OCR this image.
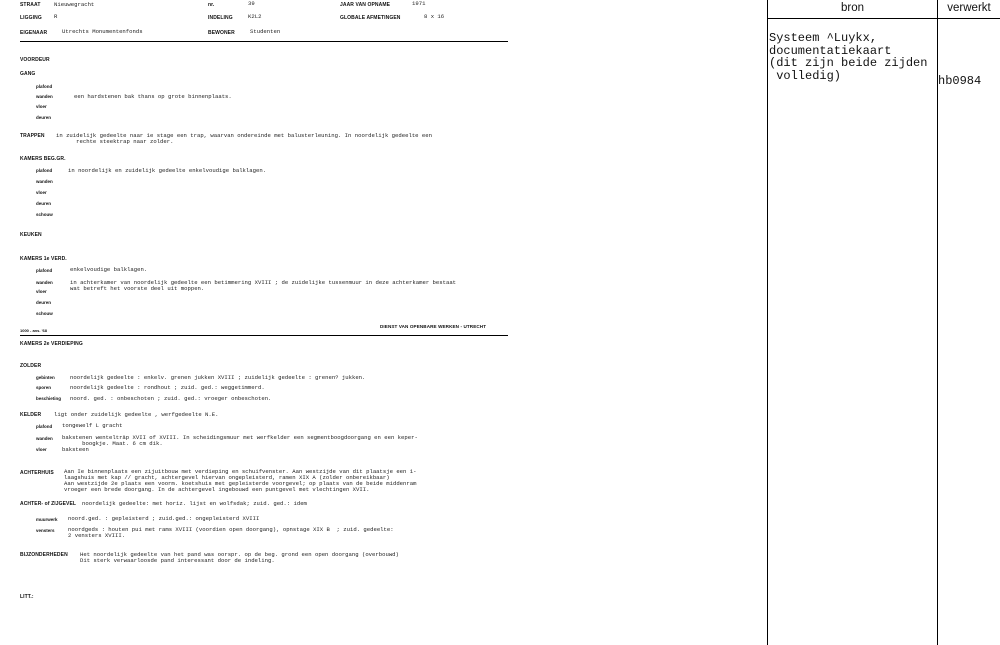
STRAAT Nieuwegracht	nr.	39	JAAR VAN OPNAME	1971
LIGGING R	INDELING	K2L2	GLOBALE AFMETINGEN	8 x 16
EIGENAAR	Utrechts Monumentenfonds	BEWONER	Studenten
VOORDEUR
GANG
plafond
wanden	een hardstenen bak thans op grote binnenplaats.
vloer
deuren
TRAPPEN in zuidelijk gedeelte naar 1e stage een trap, waarvan ondereinde met balusterleuning. In noordelijk gedeelte een
rechte steektrap naar zolder.
KAMERS BEG.GR.
plafond	in noordelijk en zuidelijk gedeelte enkelvoudige balklagen.
wanden
vloer
deuren
schouw
KEUKEN
KAMERS 1e VERD.
plafond	enkelvoudige balklagen.
wanden	in achterkamer van noordelijk gedeelte een betimmering XVIII ; de zuidelijke tussenmuur in deze achterkamer bestaat
wat betreft het voorste deel uit moppen.
vloer
deuren
schouw
1000 - ans. '68
DIENST VAN OPENBARE WERKEN - UTRECHT
KAMERS 2e VERDIEPING
ZOLDER
gebinten	noordelijk gedeelte : enkelv. grenen jukken XVIII ; zuidelijk gedeelte : grenen? jukken.
sporen	noordelijk gedeelte : rondhout ; zuid. ged.: weggetimmerd.
beschieting noord. ged. : onbeschoten ; zuid. ged.: vroeger onbeschoten.
KELDER ligt onder zuidelijk gedeelte , werfgedeelte N.E.
plafond tongewelf L gracht
wanden bakstenen wentelträp XVII of XVIII. In scheidingsmuur met werfkelder een segmentboogdoorgang en een keper-
boogkje. Maat. 6 cm dik.
vloer	baksteen
ACHTERHUIS Aan Ie binnenplaats een zijuitbouw met verdieping en schuifvenster. Aan westzijde van dit plaatsje een 1-
laagshuis met kap // gracht, achtergevel hiervan ongepleisterd, ramen XIX A (zolder onbereikbaar)
Aan westzijde 2e plaats een voorm. koetshuis met gepleisterde voorgevel; op plaats van de beide middenram
vroeger een brede doorgang. In de achtergevel ingebouwd een puntgevel met vlechtingen XVII.
ACHTER- of ZIJGEVEL noordelijk gedeelte: met horiz. lijst en wolfsdak; zuid. ged.: idem
muurwerk noord.ged. : gepleisterd ; zuid.ged.: ongepleisterd XVIII
vensters noordgeds : houten pui met rams XVIII (voordien open doorgang), opnstage XIX B  ; zuid. gedeelte:
2 vensters XVIII.
BIJZONDERHEDEN Het noordelijk gedeelte van het pand was oorspr. op de beg. grond een open doorgang (overbouwd)
Dit sterk verwaarloosde pand interessant door de indeling.
LITT.:
bron	verwerkt
Systeem ^Luykx,
documentatiekaart
(dit zijn beide zijden
volledig)	hb0984
